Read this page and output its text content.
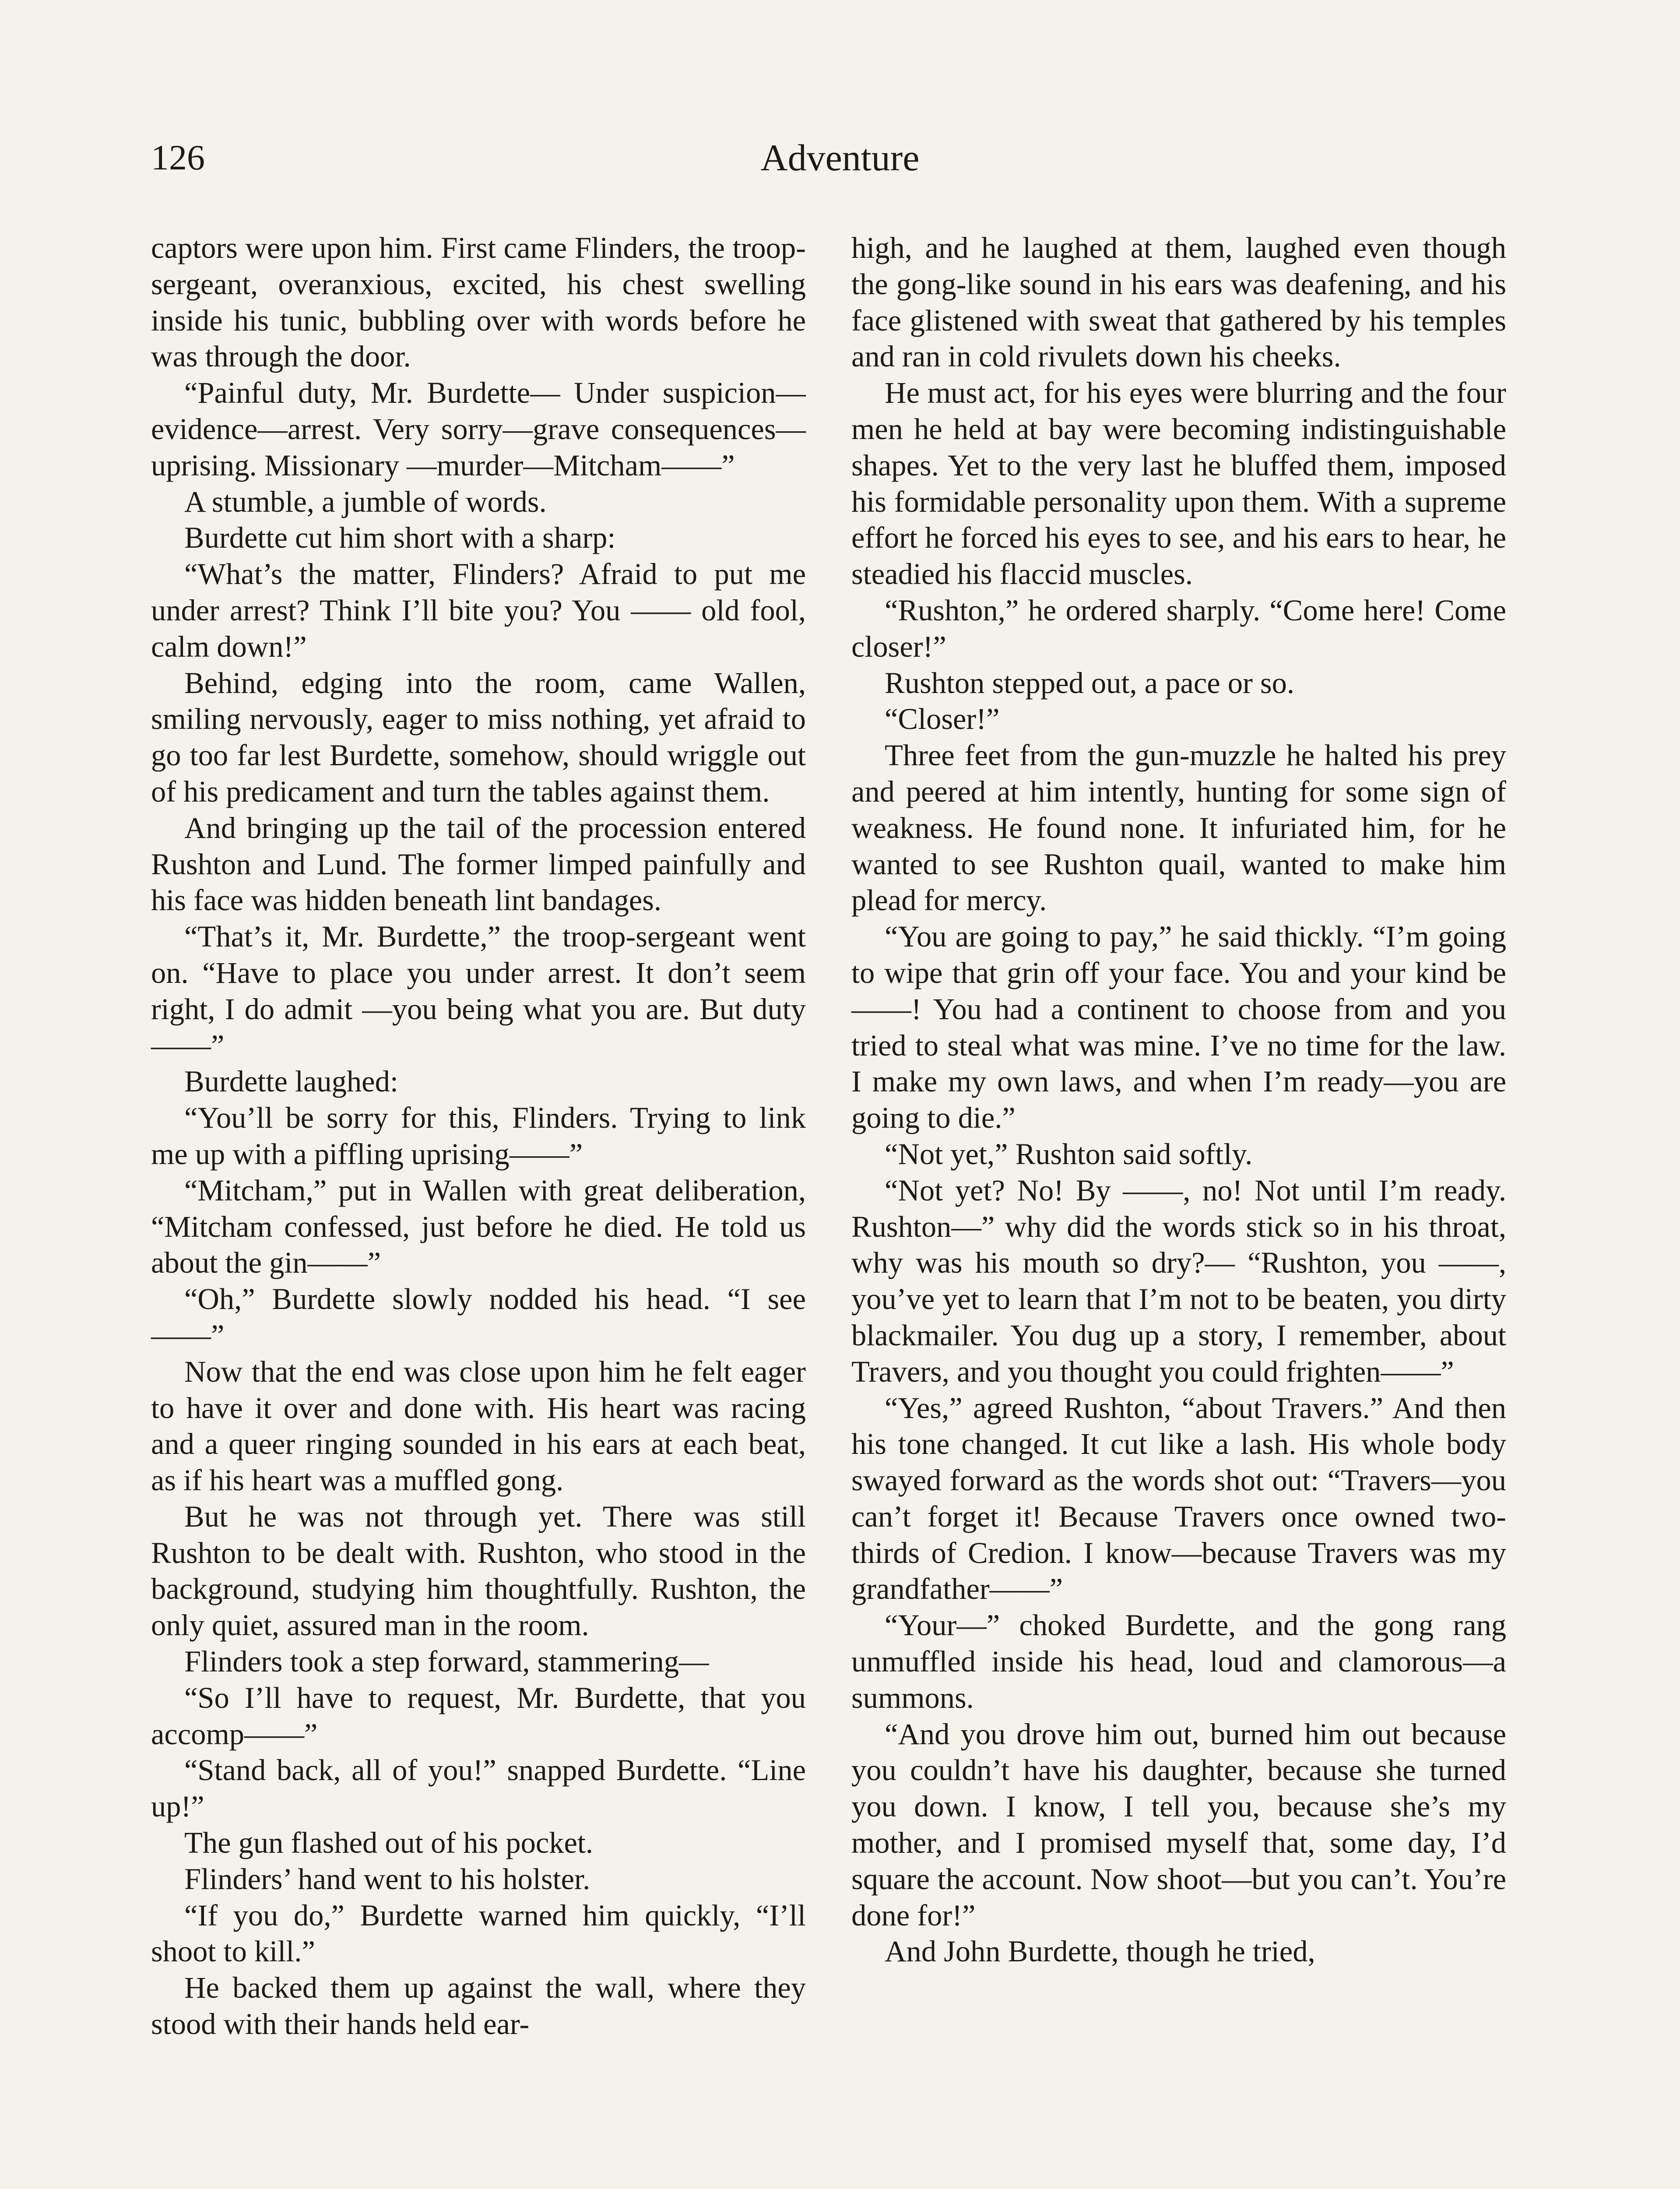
126	Adventure

captors were upon him. First came Flinders, the troop-sergeant, overanxious, excited, his chest swelling inside his tunic, bubbling over with words before he was through the door.

“Painful duty, Mr. Burdette— Under suspicion—evidence—arrest. Very sorry—grave consequences—uprising. Missionary —murder—Mitcham——”

A stumble, a jumble of words.

Burdette cut him short with a sharp:

“What’s the matter, Flinders? Afraid to put me under arrest? Think I’ll bite you? You —— old fool, calm down!”

Behind, edging into the room, came Wallen, smiling nervously, eager to miss nothing, yet afraid to go too far lest Burdette, somehow, should wriggle out of his predicament and turn the tables against them.

And bringing up the tail of the procession entered Rushton and Lund. The former limped painfully and his face was hidden beneath lint bandages.

“That’s it, Mr. Burdette,” the troop-sergeant went on. “Have to place you under arrest. It don’t seem right, I do admit —you being what you are. But duty——”

Burdette laughed:

“You’ll be sorry for this, Flinders. Trying to link me up with a piffling uprising——”

“Mitcham,” put in Wallen with great deliberation, “Mitcham confessed, just before he died. He told us about the gin——”

“Oh,” Burdette slowly nodded his head. “I see——”

Now that the end was close upon him he felt eager to have it over and done with. His heart was racing and a queer ringing sounded in his ears at each beat, as if his heart was a muffled gong.

But he was not through yet. There was still Rushton to be dealt with. Rushton, who stood in the background, studying him thoughtfully. Rushton, the only quiet, assured man in the room.

Flinders took a step forward, stammering—

“So I’ll have to request, Mr. Burdette, that you accomp——”

“Stand back, all of you!” snapped Burdette. “Line up!”

The gun flashed out of his pocket.

Flinders’ hand went to his holster.

“If you do,” Burdette warned him quickly, “I’ll shoot to kill.”

He backed them up against the wall, where they stood with their hands held ear-

high, and he laughed at them, laughed even though the gong-like sound in his ears was deafening, and his face glistened with sweat that gathered by his temples and ran in cold rivulets down his cheeks.

He must act, for his eyes were blurring and the four men he held at bay were becoming indistinguishable shapes. Yet to the very last he bluffed them, imposed his formidable personality upon them. With a supreme effort he forced his eyes to see, and his ears to hear, he steadied his flaccid muscles.

“Rushton,” he ordered sharply. “Come here! Come closer!”

Rushton stepped out, a pace or so.

“Closer!”

Three feet from the gun-muzzle he halted his prey and peered at him intently, hunting for some sign of weakness. He found none. It infuriated him, for he wanted to see Rushton quail, wanted to make him plead for mercy.

“You are going to pay,” he said thickly. “I’m going to wipe that grin off your face. You and your kind be ——! You had a continent to choose from and you tried to steal what was mine. I’ve no time for the law. I make my own laws, and when I’m ready—you are going to die.”

“Not yet,” Rushton said softly.

“Not yet? No! By ——, no! Not until I’m ready. Rushton—” why did the words stick so in his throat, why was his mouth so dry?— “Rushton, you ——, you’ve yet to learn that I’m not to be beaten, you dirty blackmailer. You dug up a story, I remember, about Travers, and you thought you could frighten——”

“Yes,” agreed Rushton, “about Travers.” And then his tone changed. It cut like a lash. His whole body swayed forward as the words shot out: “Travers—you can’t forget it! Because Travers once owned two-thirds of Credion. I know—because Travers was my grandfather——”

“Your—” choked Burdette, and the gong rang unmuffled inside his head, loud and clamorous—a summons.

“And you drove him out, burned him out because you couldn’t have his daughter, because she turned you down. I know, I tell you, because she’s my mother, and I promised myself that, some day, I’d square the account. Now shoot—but you can’t. You’re done for!”

And John Burdette, though he tried,
